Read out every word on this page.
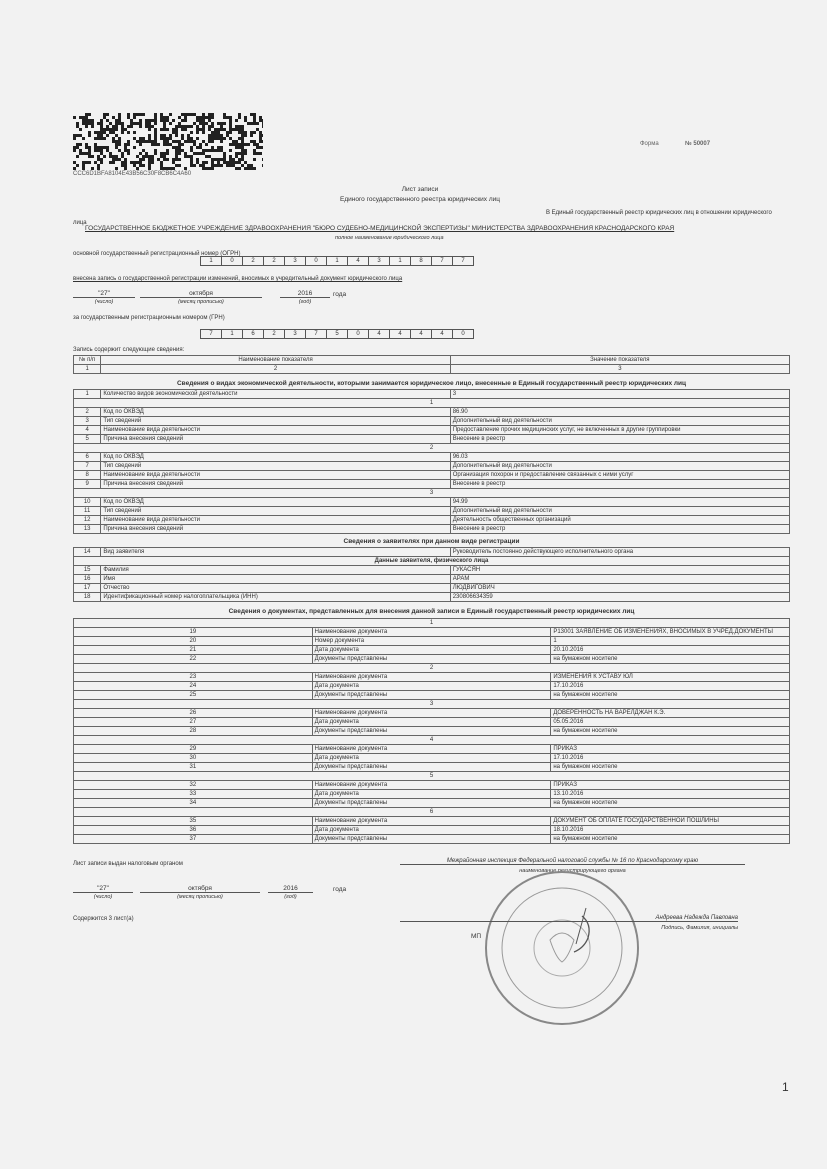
CCC6D1BFA8104E43B56C30F8CB6C4A60
Форма	№ 50007
Лист записи
Единого государственного реестра юридических лиц
В Единый государственный реестр юридических лиц в отношении юридического
лица
ГОСУДАРСТВЕННОЕ БЮДЖЕТНОЕ УЧРЕЖДЕНИЕ ЗДРАВООХРАНЕНИЯ "БЮРО СУДЕБНО-МЕДИЦИНСКОЙ ЭКСПЕРТИЗЫ" МИНИСТЕРСТВА ЗДРАВООХРАНЕНИЯ КРАСНОДАРСКОГО КРАЯ
полное наименование юридического лица
основной государственный регистрационный номер (ОГРН)
1	0	2	2	3	0	1	4	3	1	8	7	7
внесена запись о государственной регистрации изменений, вносимых в учредительный документ юридического лица
"27"
(число)
октября
(месяц прописью)
2016
(год)
года
за государственным регистрационным номером (ГРН)
7	1	6	2	3	7	5	0	4	4	4	4	0
Запись содержит следующие сведения:
№ п/п	Наименование показателя	Значение показателя
1	2	3
Сведения о видах экономической деятельности, которыми занимается юридическое лицо, внесенные в Единый государственный реестр юридических лиц
1	Количество видов экономической деятельности	3
1		
2	Код по ОКВЭД	86.90
3	Тип сведений	Дополнительный вид деятельности
4	Наименование вида деятельности	Предоставление прочих медицинских услуг, не включенных в другие группировки
5	Причина внесения сведений	Внесение в реестр
2		
6	Код по ОКВЭД	96.03
7	Тип сведений	Дополнительный вид деятельности
8	Наименование вида деятельности	Организация похорон и предоставление связанных с ними услуг
9	Причина внесения сведений	Внесение в реестр
3		
10	Код по ОКВЭД	94.99
11	Тип сведений	Дополнительный вид деятельности
12	Наименование вида деятельности	Деятельность общественных организаций
13	Причина внесения сведений	Внесение в реестр
Сведения о заявителях при данном виде регистрации
14	Вид заявителя	Руководитель постоянно действующего исполнительного органа
Данные заявителя, физического лица		
15	Фамилия	ГУКАСЯН
16	Имя	АРАМ
17	Отчество	ЛЮДВИГОВИЧ
18	Идентификационный номер налогоплательщика (ИНН)	230806634359
Сведения о документах, представленных для внесения данной записи в Единый государственный реестр юридических лиц
1		
19	Наименование документа	Р13001 ЗАЯВЛЕНИЕ ОБ ИЗМЕНЕНИЯХ, ВНОСИМЫХ В УЧРЕД.ДОКУМЕНТЫ
20	Номер документа	1
21	Дата документа	20.10.2016
22	Документы представлены	на бумажном носителе
2		
23	Наименование документа	ИЗМЕНЕНИЯ К УСТАВУ ЮЛ
24	Дата документа	17.10.2016
25	Документы представлены	на бумажном носителе
3		
26	Наименование документа	ДОВЕРЕННОСТЬ НА ВАРЕЛДЖАН К.Э.
27	Дата документа	05.05.2016
28	Документы представлены	на бумажном носителе
4		
29	Наименование документа	ПРИКАЗ
30	Дата документа	17.10.2016
31	Документы представлены	на бумажном носителе
5		
32	Наименование документа	ПРИКАЗ
33	Дата документа	13.10.2016
34	Документы представлены	на бумажном носителе
6		
35	Наименование документа	ДОКУМЕНТ ОБ ОПЛАТЕ ГОСУДАРСТВЕННОЙ ПОШЛИНЫ
36	Дата документа	18.10.2016
37	Документы представлены	на бумажном носителе
Лист записи выдан налоговым органом
"27"
(число)
октября
(месяц прописью)
2016
(год)
года
Содержится 3 лист(а)
Межрайонная инспекция Федеральной налоговой службы № 16 по Краснодарскому краю
наименование регистрирующего органа
Андреева Надежда Павловна
Подпись, Фамилия, инициалы
МП
1
